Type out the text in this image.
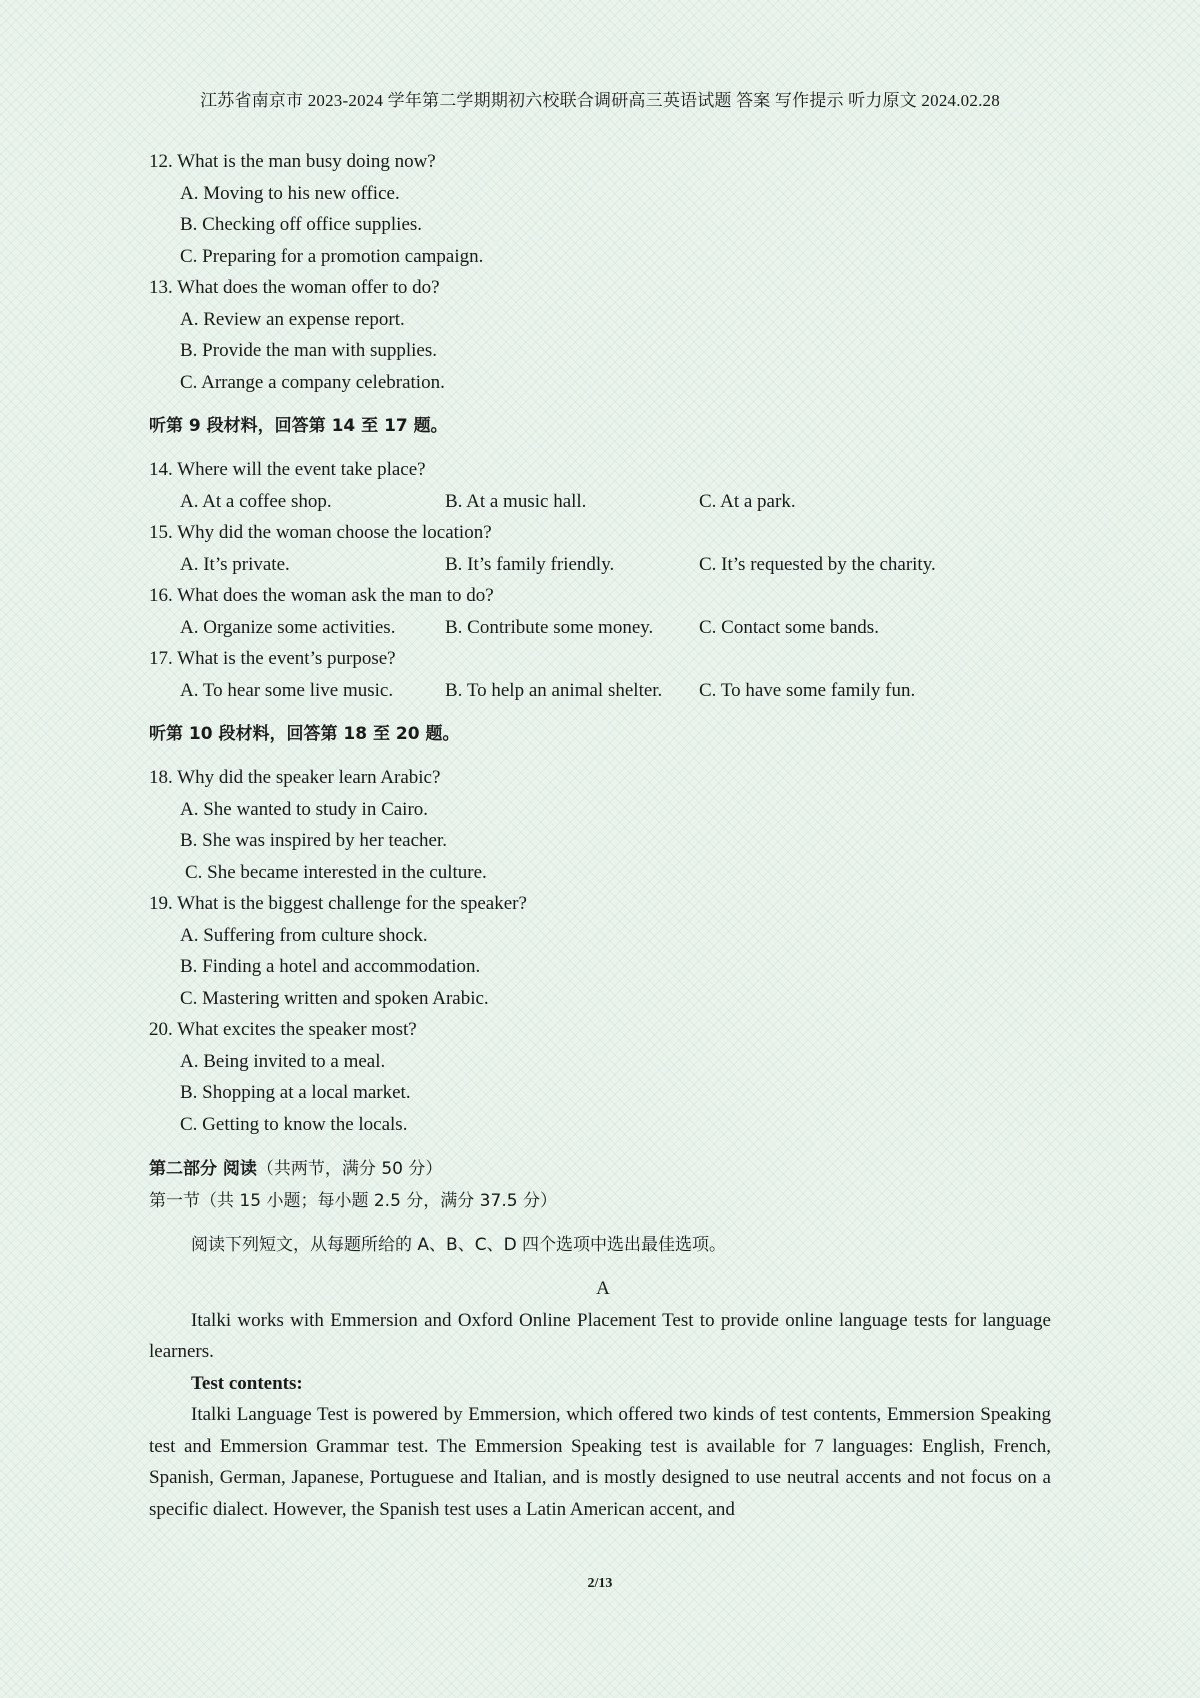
江苏省南京市 2023-2024 学年第二学期期初六校联合调研高三英语试题 答案 写作提示 听力原文 2024.02.28
12. What is the man busy doing now?
A. Moving to his new office.
B. Checking off office supplies.
C. Preparing for a promotion campaign.
13. What does the woman offer to do?
A. Review an expense report.
B. Provide the man with supplies.
C. Arrange a company celebration.
听第 9 段材料，回答第 14 至 17 题。
14. Where will the event take place?
A. At a coffee shop.	B. At a music hall.	C. At a park.
15. Why did the woman choose the location?
A. It’s private.	B. It’s family friendly.	C. It’s requested by the charity.
16. What does the woman ask the man to do?
A. Organize some activities.	B. Contribute some money.	C. Contact some bands.
17. What is the event’s purpose?
A. To hear some live music.	B. To help an animal shelter.	C. To have some family fun.
听第 10 段材料，回答第 18 至 20 题。
18. Why did the speaker learn Arabic?
A. She wanted to study in Cairo.
B. She was inspired by her teacher.
C. She became interested in the culture.
19. What is the biggest challenge for the speaker?
A. Suffering from culture shock.
B. Finding a hotel and accommodation.
C. Mastering written and spoken Arabic.
20. What excites the speaker most?
A. Being invited to a meal.
B. Shopping at a local market.
C. Getting to know the locals.
第二部分 阅读（共两节，满分 50 分）
第一节（共 15 小题；每小题 2.5 分，满分 37.5 分）
阅读下列短文，从每题所给的 A、B、C、D 四个选项中选出最佳选项。
A

Italki works with Emmersion and Oxford Online Placement Test to provide online language tests for language learners.

Test contents:

Italki Language Test is powered by Emmersion, which offered two kinds of test contents, Emmersion Speaking test and Emmersion Grammar test. The Emmersion Speaking test is available for 7 languages: English, French, Spanish, German, Japanese, Portuguese and Italian, and is mostly designed to use neutral accents and not focus on a specific dialect. However, the Spanish test uses a Latin American accent, and

2/13
